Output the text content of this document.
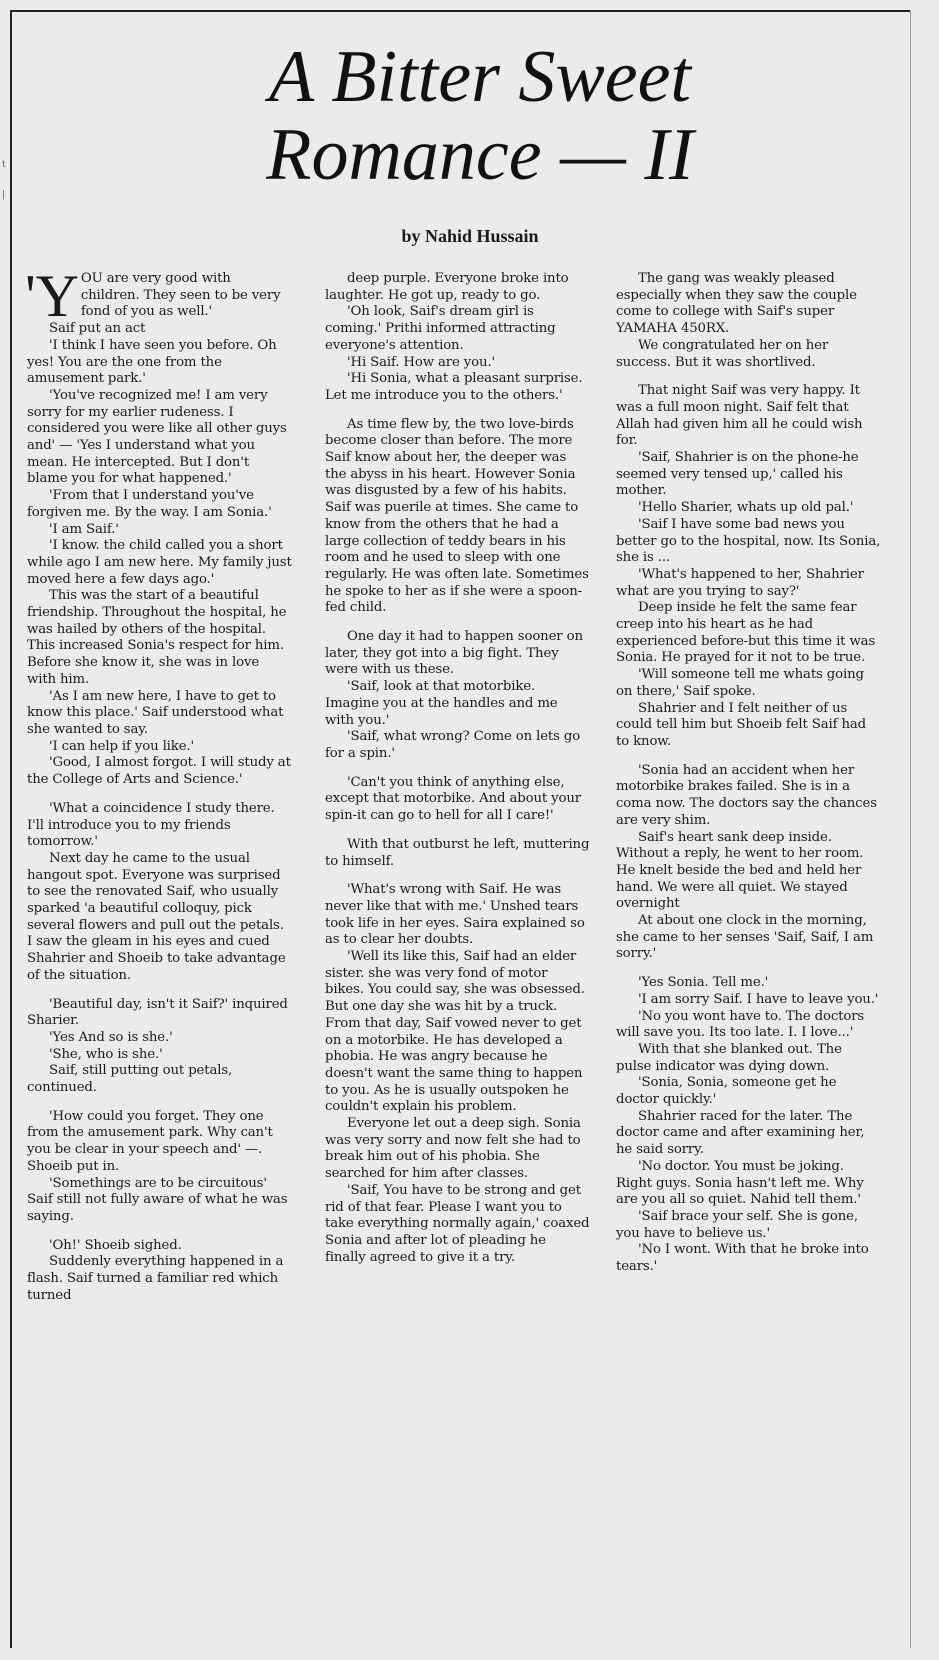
t
|
A Bitter Sweet
Romance — II
by Nahid Hussain

'YOU are very good with children. They seen to be very fond of you as well.'

Saif put an act

'I think I have seen you before. Oh yes! You are the one from the amusement park.'

'You've recognized me! I am very sorry for my earlier rudeness. I considered you were like all other guys and' — 'Yes I understand what you mean. He intercepted. But I don't blame you for what happened.'

'From that I understand you've forgiven me. By the way. I am Sonia.'

'I am Saif.'

'I know. the child called you a short while ago I am new here. My family just moved here a few days ago.'

This was the start of a beautiful friendship. Throughout the hospital, he was hailed by others of the hospital. This increased Sonia's respect for him. Before she know it, she was in love with him.

'As I am new here, I have to get to know this place.' Saif understood what she wanted to say.

'I can help if you like.'

'Good, I almost forgot. I will study at the College of Arts and Science.'

'What a coincidence I study there. I'll introduce you to my friends tomorrow.'

Next day he came to the usual hangout spot. Everyone was surprised to see the renovated Saif, who usually sparked 'a beautiful colloquy, pick several flowers and pull out the petals. I saw the gleam in his eyes and cued Shahrier and Shoeib to take advantage of the situation.

'Beautiful day, isn't it Saif?' inquired Sharier.

'Yes And so is she.'

'She, who is she.'

Saif, still putting out petals, continued.

'How could you forget. They one from the amusement park. Why can't you be clear in your speech and' —. Shoeib put in.

'Somethings are to be circuitous' Saif still not fully aware of what he was saying.

'Oh!' Shoeib sighed.

Suddenly everything happened in a flash. Saif turned a familiar red which turned

deep purple. Everyone broke into laughter. He got up, ready to go.

'Oh look, Saif's dream girl is coming.' Prithi informed attracting everyone's attention.

'Hi Saif. How are you.'

'Hi Sonia, what a pleasant surprise. Let me introduce you to the others.'

As time flew by, the two love-birds become closer than before. The more Saif know about her, the deeper was the abyss in his heart. However Sonia was disgusted by a few of his habits. Saif was puerile at times. She came to know from the others that he had a large collection of teddy bears in his room and he used to sleep with one regularly. He was often late. Sometimes he spoke to her as if she were a spoon-fed child.

One day it had to happen sooner on later, they got into a big fight. They were with us these.

'Saif, look at that motorbike. Imagine you at the handles and me with you.'

'Saif, what wrong? Come on lets go for a spin.'

'Can't you think of anything else, except that motorbike. And about your spin-it can go to hell for all I care!'

With that outburst he left, muttering to himself.

'What's wrong with Saif. He was never like that with me.' Unshed tears took life in her eyes. Saira explained so as to clear her doubts.

'Well its like this, Saif had an elder sister. she was very fond of motor bikes. You could say, she was obsessed. But one day she was hit by a truck. From that day, Saif vowed never to get on a motorbike. He has developed a phobia. He was angry because he doesn't want the same thing to happen to you. As he is usually outspoken he couldn't explain his problem.

Everyone let out a deep sigh. Sonia was very sorry and now felt she had to break him out of his phobia. She searched for him after classes.

'Saif, You have to be strong and get rid of that fear. Please I want you to take everything normally again,' coaxed Sonia and after lot of pleading he finally agreed to give it a try.

The gang was weakly pleased especially when they saw the couple come to college with Saif's super YAMAHA 450RX.

We congratulated her on her success. But it was shortlived.

That night Saif was very happy. It was a full moon night. Saif felt that Allah had given him all he could wish for.

'Saif, Shahrier is on the phone-he seemed very tensed up,' called his mother.

'Hello Sharier, whats up old pal.'

'Saif I have some bad news you better go to the hospital, now. Its Sonia, she is ...

'What's happened to her, Shahrier what are you trying to say?'

Deep inside he felt the same fear creep into his heart as he had experienced before-but this time it was Sonia. He prayed for it not to be true.

'Will someone tell me whats going on there,' Saif spoke.

Shahrier and I felt neither of us could tell him but Shoeib felt Saif had to know.

'Sonia had an accident when her motorbike brakes failed. She is in a coma now. The doctors say the chances are very shim.

Saif's heart sank deep inside. Without a reply, he went to her room. He knelt beside the bed and held her hand. We were all quiet. We stayed overnight

At about one clock in the morning, she came to her senses 'Saif, Saif, I am sorry.'

'Yes Sonia. Tell me.'

'I am sorry Saif. I have to leave you.'

'No you wont have to. The doctors will save you. Its too late. I. I love...'

With that she blanked out. The pulse indicator was dying down.

'Sonia, Sonia, someone get he doctor quickly.'

Shahrier raced for the later. The doctor came and after examining her, he said sorry.

'No doctor. You must be joking. Right guys. Sonia hasn't left me. Why are you all so quiet. Nahid tell them.'

'Saif brace your self. She is gone, you have to believe us.'

'No I wont. With that he broke into tears.'
